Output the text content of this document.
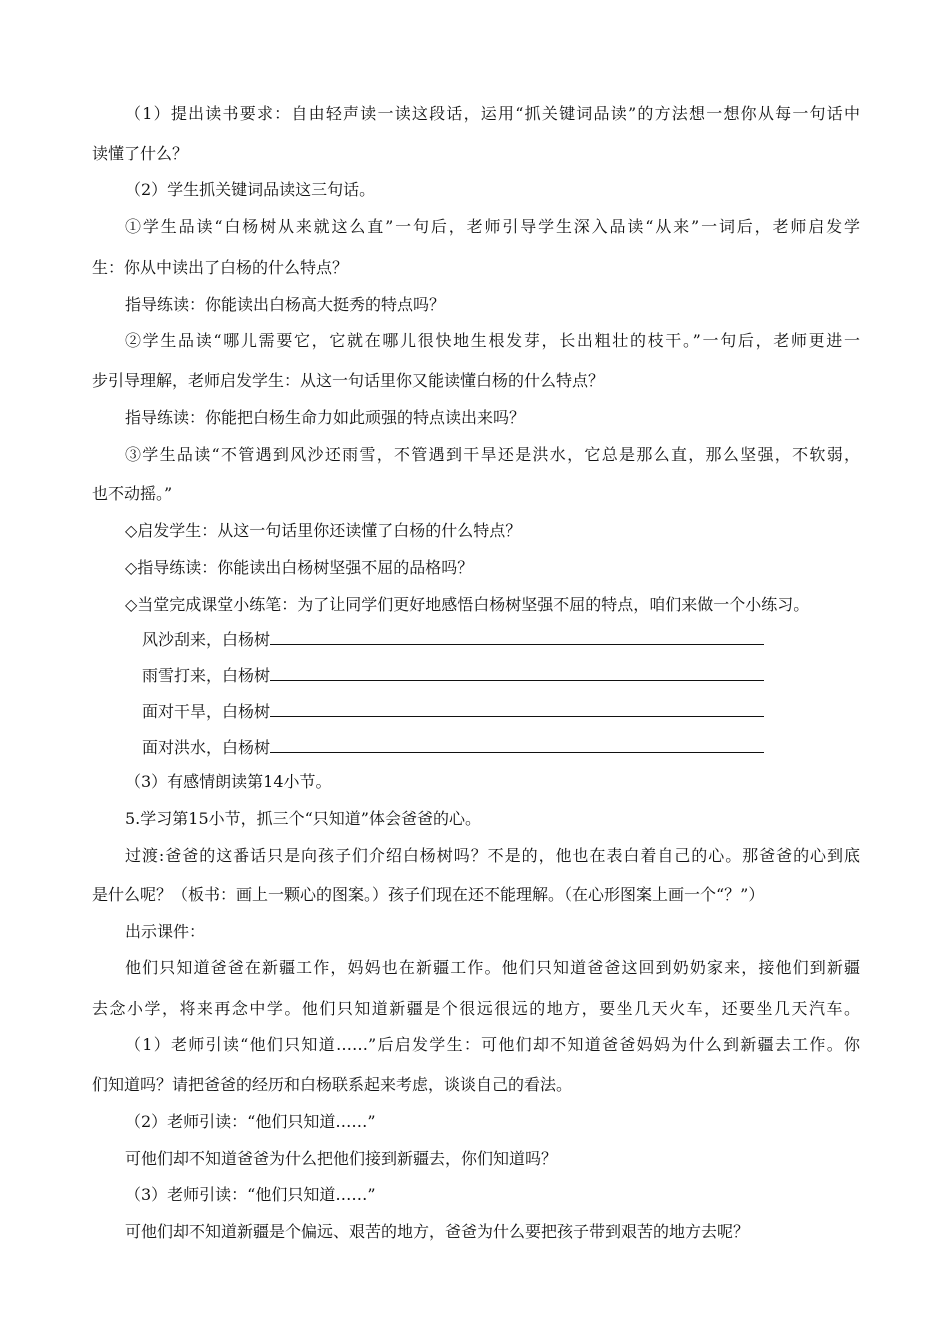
（1）提出读书要求：自由轻声读一读这段话，运用“抓关键词品读”的方法想一想你从每一句话中
读懂了什么？
（2）学生抓关键词品读这三句话。
①学生品读“白杨树从来就这么直”一句后，老师引导学生深入品读“从来”一词后，老师启发学
生：你从中读出了白杨的什么特点？
指导练读：你能读出白杨高大挺秀的特点吗？
②学生品读“哪儿需要它，它就在哪儿很快地生根发芽，长出粗壮的枝干。”一句后，老师更进一
步引导理解，老师启发学生：从这一句话里你又能读懂白杨的什么特点？
指导练读：你能把白杨生命力如此顽强的特点读出来吗？
③学生品读“不管遇到风沙还雨雪，不管遇到干旱还是洪水，它总是那么直，那么坚强，不软弱，
也不动摇。”
◇启发学生：从这一句话里你还读懂了白杨的什么特点？
◇指导练读：你能读出白杨树坚强不屈的品格吗？
◇当堂完成课堂小练笔：为了让同学们更好地感悟白杨树坚强不屈的特点，咱们来做一个小练习。
风沙刮来，白杨树
雨雪打来，白杨树
面对干旱，白杨树
面对洪水，白杨树
（3）有感情朗读第14小节。
5.学习第15小节，抓三个“只知道”体会爸爸的心。
过渡:爸爸的这番话只是向孩子们介绍白杨树吗？不是的，他也在表白着自己的心。那爸爸的心到底
是什么呢？（板书：画上一颗心的图案。）孩子们现在还不能理解。（在心形图案上画一个“？”）
出示课件：
他们只知道爸爸在新疆工作，妈妈也在新疆工作。他们只知道爸爸这回到奶奶家来，接他们到新疆
去念小学，将来再念中学。他们只知道新疆是个很远很远的地方，要坐几天火车，还要坐几天汽车。
（1）老师引读“他们只知道……”后启发学生：可他们却不知道爸爸妈妈为什么到新疆去工作。你
们知道吗？请把爸爸的经历和白杨联系起来考虑，谈谈自己的看法。
（2）老师引读：“他们只知道……”
可他们却不知道爸爸为什么把他们接到新疆去，你们知道吗？
（3）老师引读：“他们只知道……”
可他们却不知道新疆是个偏远、艰苦的地方，爸爸为什么要把孩子带到艰苦的地方去呢？
